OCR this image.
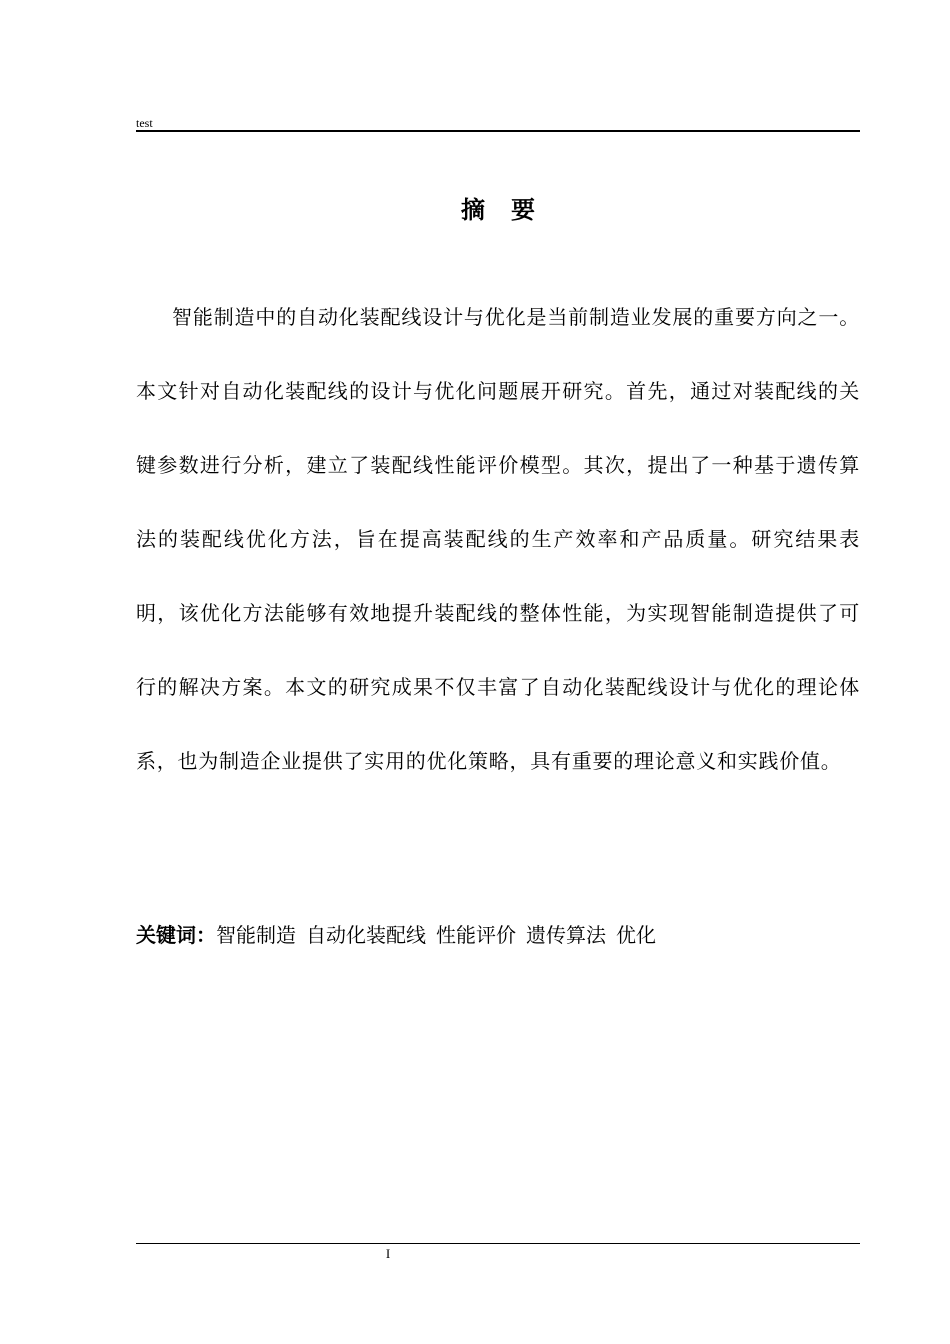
test
摘 要

智能制造中的自动化装配线设计与优化是当前制造业发展的重要方向之一。本文针对自动化装配线的设计与优化问题展开研究。首先，通过对装配线的关键参数进行分析，建立了装配线性能评价模型。其次，提出了一种基于遗传算法的装配线优化方法，旨在提高装配线的生产效率和产品质量。研究结果表明，该优化方法能够有效地提升装配线的整体性能，为实现智能制造提供了可行的解决方案。本文的研究成果不仅丰富了自动化装配线设计与优化的理论体系，也为制造企业提供了实用的优化策略，具有重要的理论意义和实践价值。

关键词：智能制造 自动化装配线 性能评价 遗传算法 优化
I
